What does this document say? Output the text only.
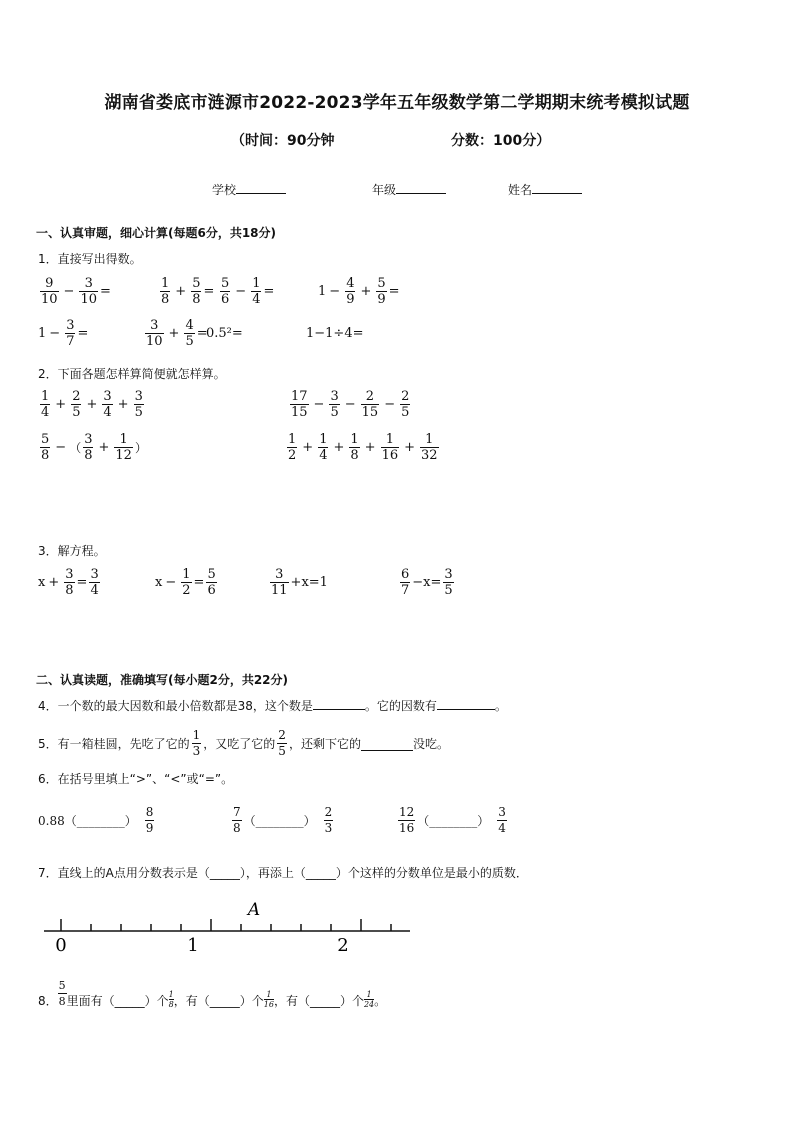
湖南省娄底市涟源市2022-2023学年五年级数学第二学期期末统考模拟试题
（时间：90分钟	分数：100分）
学校	年级	姓名
一、认真审题，细心计算(每题6分，共18分)
1．直接写出得数。
9
10
− $\frac{3}{10}$ =
1
8
+ $\frac{5}{8}$ =
5
6
− $\frac{1}{4}$ =	$1 - \frac{4}{9} + \frac{5}{9}$ =
$1 - \frac{3}{7}$ =
3
10
+ $\frac{4}{5}$ =
0.5²=	1−1÷4=
2．下面各题怎样算简便就怎样算。
1
4
+ $\frac{2}{5} + \frac{3}{4} + \frac{3}{5}$	17
15
− $\frac{3}{5} - \frac{2}{15} - \frac{2}{5}$
5
8
− （
3
8
+ $\frac{1}{12}$ ）
1
2
+ $\frac{1}{4} + \frac{1}{8} + \frac{1}{16} + \frac{1}{32}$
3．解方程。
$x + \frac{3}{8} = \frac{3}{4}$	$x - \frac{1}{2} = \frac{5}{6}$	3
11
+x=1
6
7
$-x= \frac{3}{5}$
二、认真读题，准确填写(每小题2分，共22分)
4．一个数的最大因数和最小倍数都是38，这个数是	。它的因数有	。
5．有一箱桂圆，先吃了它的
1
3 ，又吃了它的
2
5 ，还剩下它的	没吃。
6．在括号里填上“>”、“<”或“=”。
0.88 （________）
8
9
7
8 （________）
2
3
12
16 （________）
3
4
7．直线上的A点用分数表示是（_____），再添上（_____）个这样的分数单位是最小的质数．
0	1	2
A
8．
5
8 里面有（_____）个 1
8 ，有（_____）个 1
16 ，有（_____）个 1
24 。
